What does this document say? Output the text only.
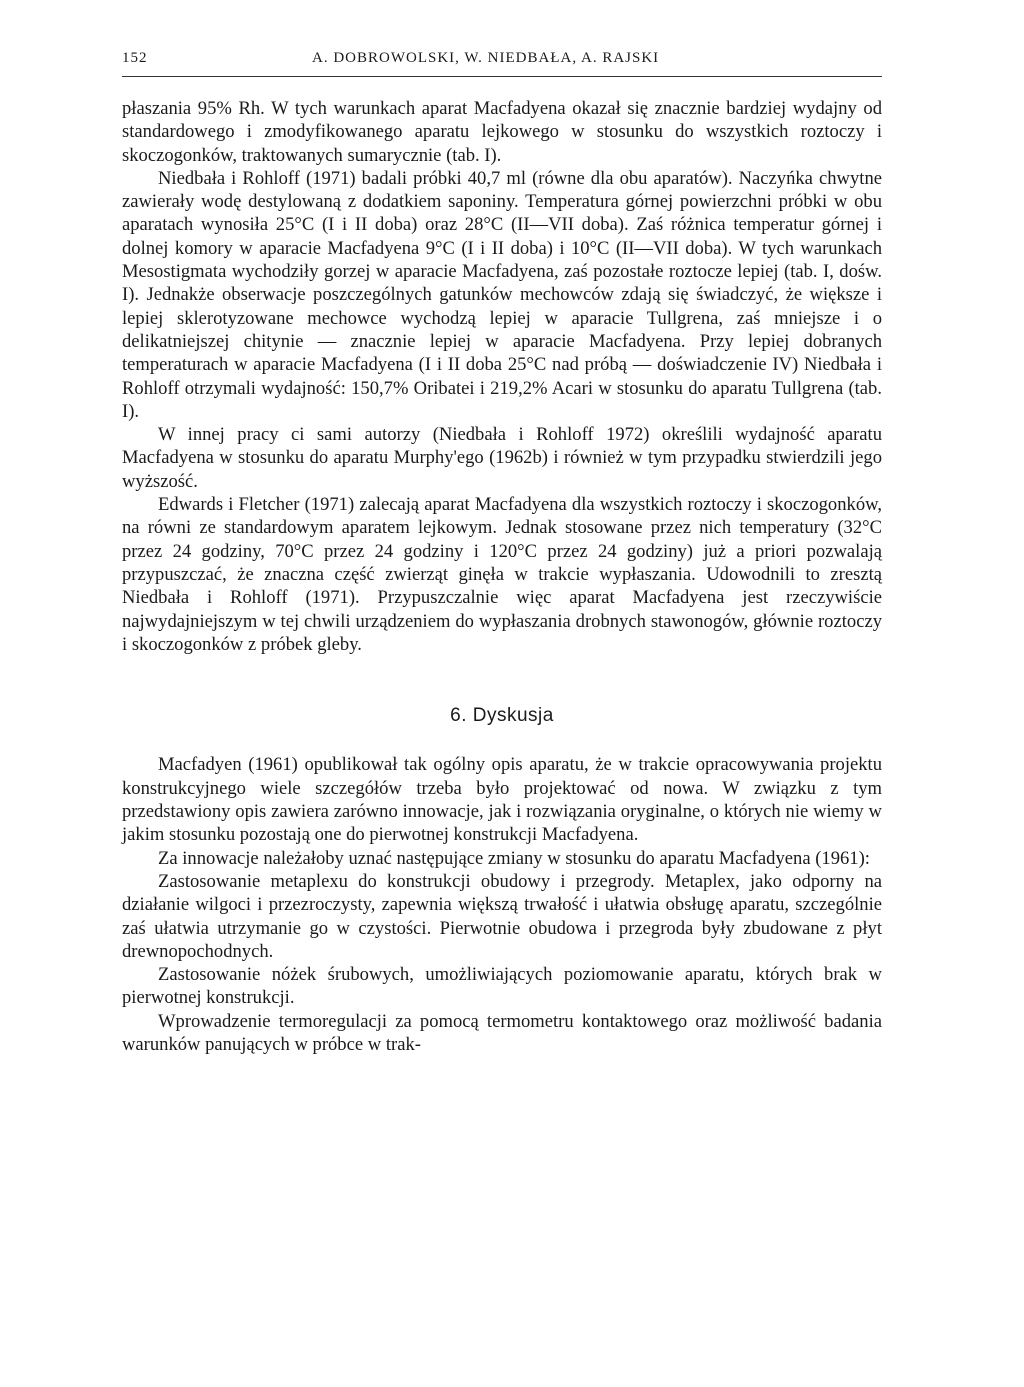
152	A. DOBROWOLSKI, W. NIEDBAŁA, A. RAJSKI

płaszania 95% Rh. W tych warunkach aparat Macfadyena okazał się znacznie bardziej wydajny od standardowego i zmodyfikowanego aparatu lejkowego w stosunku do wszystkich roztoczy i skoczogonków, traktowanych sumarycznie (tab. I).

Niedbała i Rohloff (1971) badali próbki 40,7 ml (równe dla obu aparatów). Naczyńka chwytne zawierały wodę destylowaną z dodatkiem saponiny. Temperatura górnej powierzchni próbki w obu aparatach wynosiła 25°C (I i II doba) oraz 28°C (II—VII doba). Zaś różnica temperatur górnej i dolnej komory w aparacie Macfadyena 9°C (I i II doba) i 10°C (II—VII doba). W tych warunkach Mesostigmata wychodziły gorzej w aparacie Macfadyena, zaś pozostałe roztocze lepiej (tab. I, dośw. I). Jednakże obserwacje poszczególnych gatunków mechowców zdają się świadczyć, że większe i lepiej sklerotyzowane mechowce wychodzą lepiej w aparacie Tullgrena, zaś mniejsze i o delikatniejszej chitynie — znacznie lepiej w aparacie Macfadyena. Przy lepiej dobranych temperaturach w aparacie Macfadyena (I i II doba 25°C nad próbą — doświadczenie IV) Niedbała i Rohloff otrzymali wydajność: 150,7% Oribatei i 219,2% Acari w stosunku do aparatu Tullgrena (tab. I).

W innej pracy ci sami autorzy (Niedbała i Rohloff 1972) określili wydajność aparatu Macfadyena w stosunku do aparatu Murphy'ego (1962b) i również w tym przypadku stwierdzili jego wyższość.

Edwards i Fletcher (1971) zalecają aparat Macfadyena dla wszystkich roztoczy i skoczogonków, na równi ze standardowym aparatem lejkowym. Jednak stosowane przez nich temperatury (32°C przez 24 godziny, 70°C przez 24 godziny i 120°C przez 24 godziny) już a priori pozwalają przypuszczać, że znaczna część zwierząt ginęła w trakcie wypłaszania. Udowodnili to zresztą Niedbała i Rohloff (1971). Przypuszczalnie więc aparat Macfadyena jest rzeczywiście najwydajniejszym w tej chwili urządzeniem do wypłaszania drobnych stawonogów, głównie roztoczy i skoczogonków z próbek gleby.

6. Dyskusja

Macfadyen (1961) opublikował tak ogólny opis aparatu, że w trakcie opracowywania projektu konstrukcyjnego wiele szczegółów trzeba było projektować od nowa. W związku z tym przedstawiony opis zawiera zarówno innowacje, jak i rozwiązania oryginalne, o których nie wiemy w jakim stosunku pozostają one do pierwotnej konstrukcji Macfadyena.

Za innowacje należałoby uznać następujące zmiany w stosunku do aparatu Macfadyena (1961):

Zastosowanie metaplexu do konstrukcji obudowy i przegrody. Metaplex, jako odporny na działanie wilgoci i przezroczysty, zapewnia większą trwałość i ułatwia obsługę aparatu, szczególnie zaś ułatwia utrzymanie go w czystości. Pierwotnie obudowa i przegroda były zbudowane z płyt drewnopochodnych.

Zastosowanie nóżek śrubowych, umożliwiających poziomowanie aparatu, których brak w pierwotnej konstrukcji.

Wprowadzenie termoregulacji za pomocą termometru kontaktowego oraz możliwość badania warunków panujących w próbce w trak-
